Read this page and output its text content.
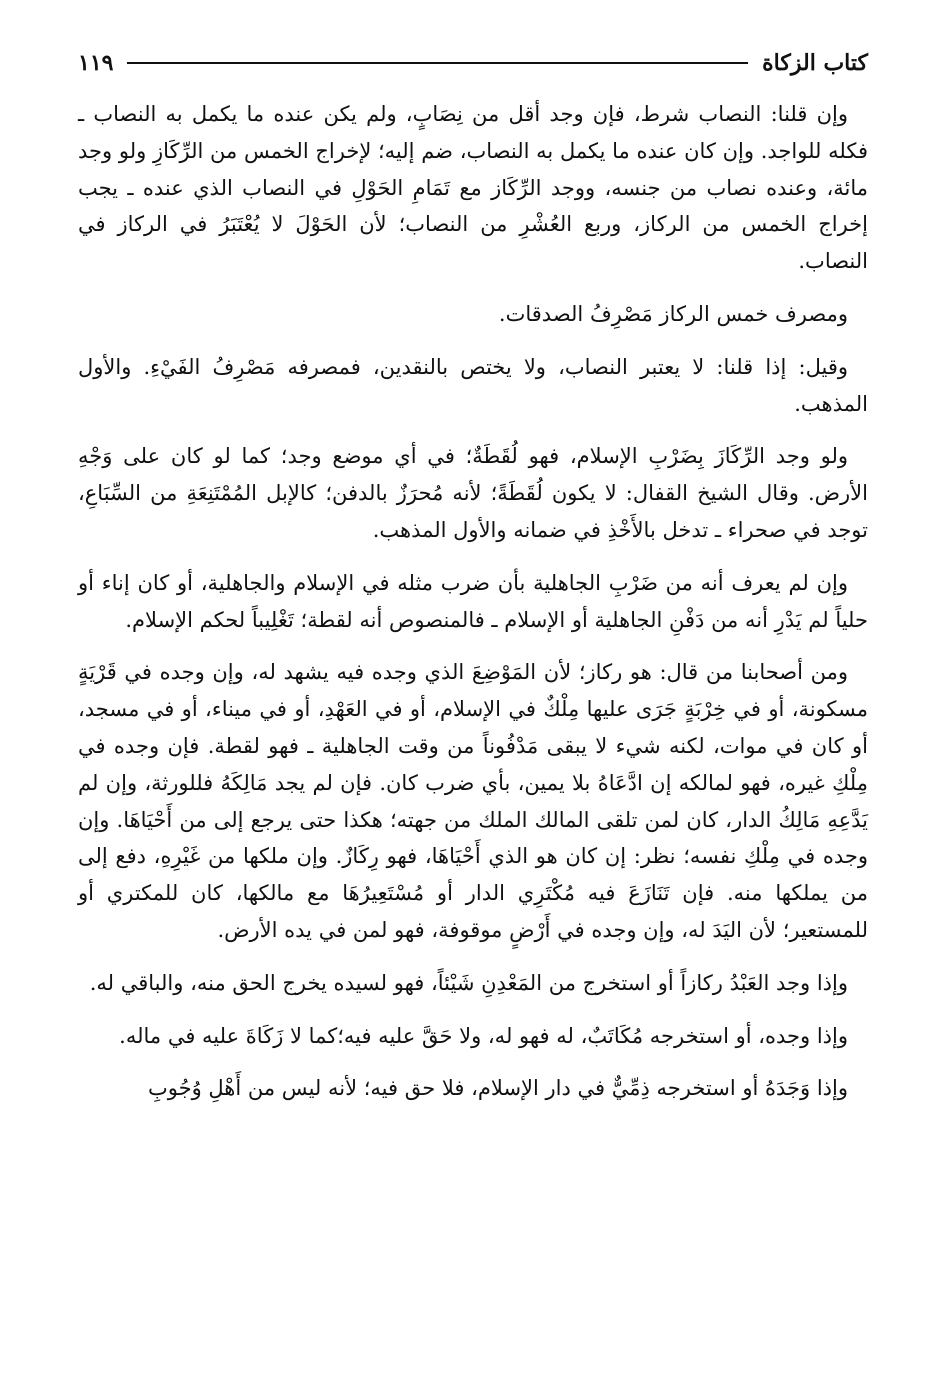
كتاب الزكاة
١١٩

وإن قلنا: النصاب شرط، فإن وجد أقل من نِصَابٍ، ولم يكن عنده ما يكمل به النصاب ـ فكله للواجد. وإن كان عنده ما يكمل به النصاب، ضم إليه؛ لإخراج الخمس من الرِّكَازِ ولو وجد مائة، وعنده نصاب من جنسه، ووجد الرِّكَاز مع تَمَامِ الحَوْلِ في النصاب الذي عنده ـ يجب إخراج الخمس من الركاز، وربع العُشْرِ من النصاب؛ لأن الحَوْلَ لا يُعْتَبَرُ في الركاز في النصاب.

ومصرف خمس الركاز مَصْرِفُ الصدقات.

وقيل: إذا قلنا: لا يعتبر النصاب، ولا يختص بالنقدين، فمصرفه مَصْرِفُ الفَيْءِ. والأول المذهب.

ولو وجد الرِّكَازَ بِضَرْبِ الإسلام، فهو لُقَطَةٌ؛ في أي موضع وجد؛ كما لو كان على وَجْهِ الأرض. وقال الشيخ القفال: لا يكون لُقَطَةً؛ لأنه مُحرَزٌ بالدفن؛ كالإبل المُمْتَنِعَةِ من السِّبَاعِ، توجد في صحراء ـ تدخل بالأَخْذِ في ضمانه والأول المذهب.

وإن لم يعرف أنه من ضَرْبِ الجاهلية بأن ضرب مثله في الإسلام والجاهلية، أو كان إناء أو حلياً لم يَدْرِ أنه من دَفْنِ الجاهلية أو الإسلام ـ فالمنصوص أنه لقطة؛ تَغْلِيباً لحكم الإسلام.

ومن أصحابنا من قال: هو ركاز؛ لأن المَوْضِعَ الذي وجده فيه يشهد له، وإن وجده في قَرْيَةٍ مسكونة، أو في خِرْبَةٍ جَرَى عليها مِلْكٌ في الإسلام، أو في العَهْدِ، أو في ميناء، أو في مسجد، أو كان في موات، لكنه شيء لا يبقى مَدْفُوناً من وقت الجاهلية ـ فهو لقطة. فإن وجده في مِلْكِ غيره، فهو لمالكه إن ادَّعَاهُ بلا يمين، بأي ضرب كان. فإن لم يجد مَالِكَهُ فللورثة، وإن لم يَدَّعِهِ مَالِكُ الدار، كان لمن تلقى المالك الملك من جهته؛ هكذا حتى يرجع إلى من أَحْيَاهَا. وإن وجده في مِلْكِ نفسه؛ نظر: إن كان هو الذي أَحْيَاهَا، فهو رِكَازٌ. وإن ملكها من غَيْرِهِ، دفع إلى من يملكها منه. فإن تَنَازَعَ فيه مُكْتَرِي الدار أو مُسْتَعِيرُهَا مع مالكها، كان للمكتري أو للمستعير؛ لأن اليَدَ له، وإن وجده في أَرْضٍ موقوفة، فهو لمن في يده الأرض.

وإذا وجد العَبْدُ ركازاً أو استخرج من المَعْدِنِ شَيْئاً، فهو لسيده يخرج الحق منه، والباقي له.

وإذا وجده، أو استخرجه مُكَاتَبٌ، له فهو له، ولا حَقَّ عليه فيه؛كما لا زَكَاةَ عليه في ماله.

وإذا وَجَدَهُ أو استخرجه ذِمِّيٌّ في دار الإسلام، فلا حق فيه؛ لأنه ليس من أَهْلِ وُجُوبِ
